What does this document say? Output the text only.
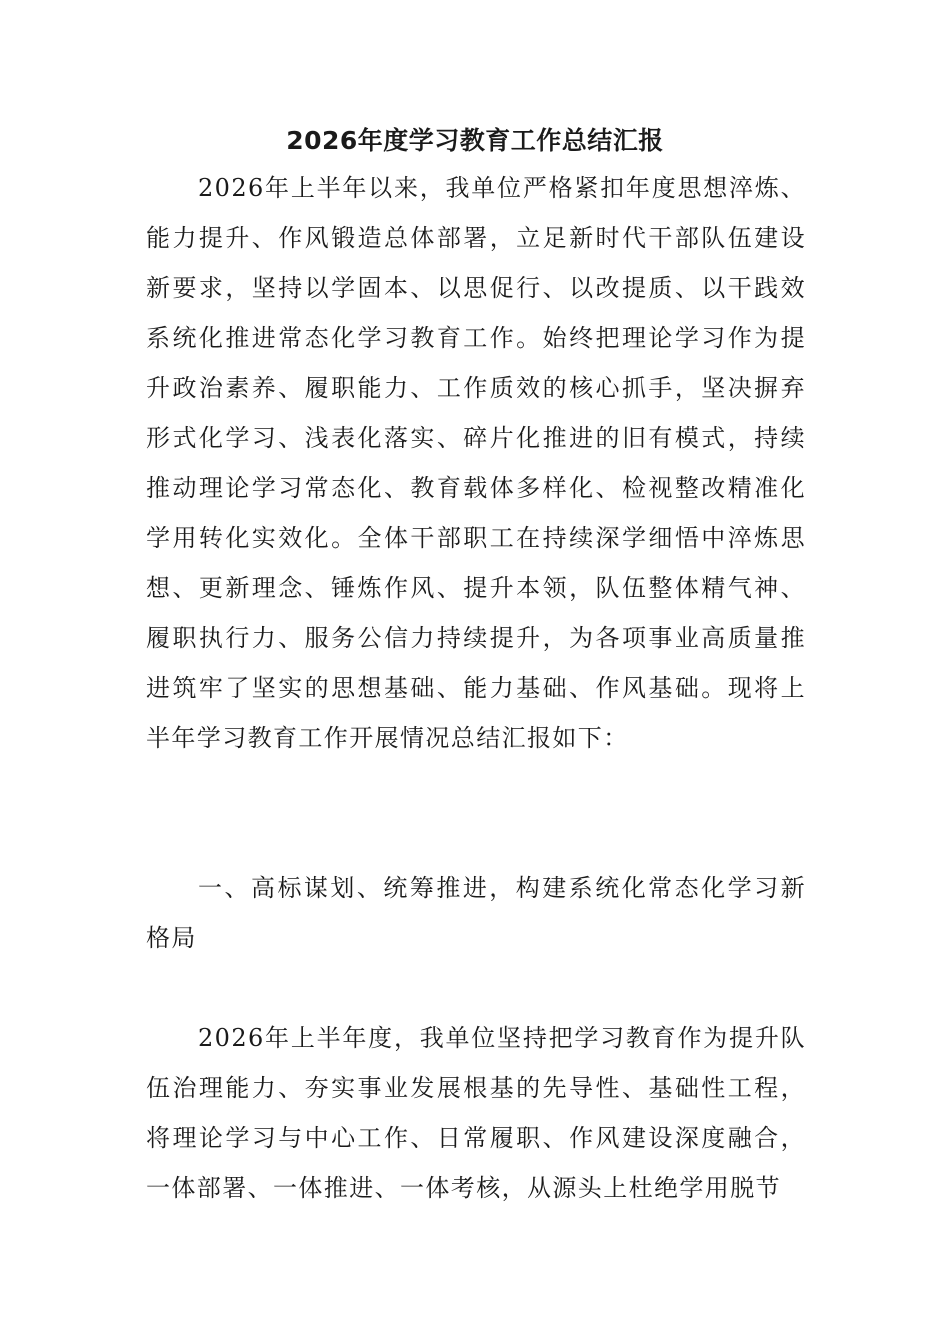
2026年度学习教育工作总结汇报

2026年上半年以来，我单位严格紧扣年度思想淬炼、能力提升、作风锻造总体部署，立足新时代干部队伍建设新要求，坚持以学固本、以思促行、以改提质、以干践效系统化推进常态化学习教育工作。始终把理论学习作为提升政治素养、履职能力、工作质效的核心抓手，坚决摒弃形式化学习、浅表化落实、碎片化推进的旧有模式，持续推动理论学习常态化、教育载体多样化、检视整改精准化学用转化实效化。全体干部职工在持续深学细悟中淬炼思想、更新理念、锤炼作风、提升本领，队伍整体精气神、履职执行力、服务公信力持续提升，为各项事业高质量推进筑牢了坚实的思想基础、能力基础、作风基础。现将上半年学习教育工作开展情况总结汇报如下：

一、高标谋划、统筹推进，构建系统化常态化学习新格局

2026年上半年度，我单位坚持把学习教育作为提升队伍治理能力、夯实事业发展根基的先导性、基础性工程，将理论学习与中心工作、日常履职、作风建设深度融合，一体部署、一体推进、一体考核，从源头上杜绝学用脱节
